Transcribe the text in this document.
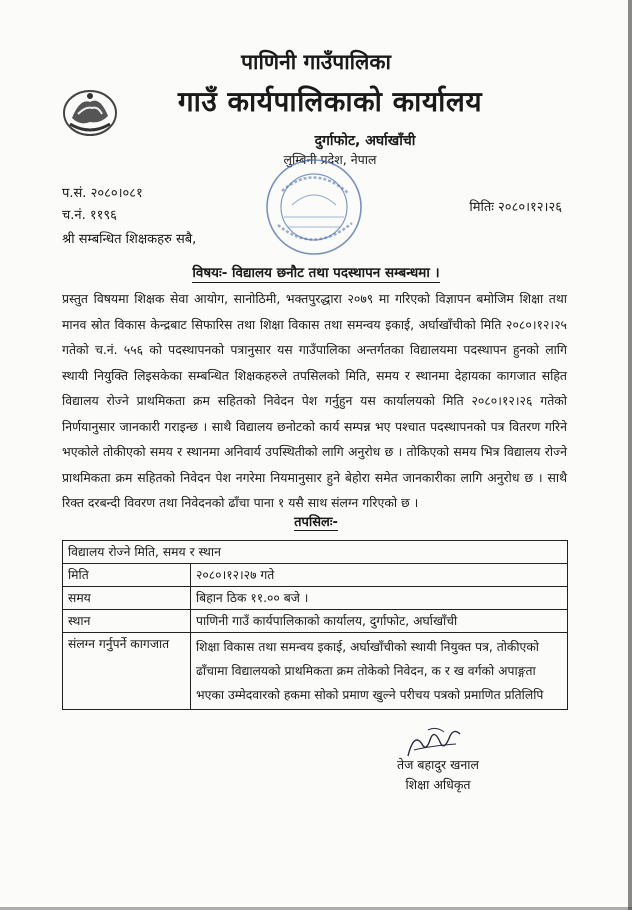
पाणिनी गाउँपालिका
गाउँ कार्यपालिकाको कार्यालय
दुर्गाफोट, अर्घाखाँची
लुम्बिनी प्रदेश, नेपाल
प.सं. २०८०।०८१
च.नं. ११९६
श्री सम्बन्धित शिक्षकहरु सबै,
मितिः २०८०।१२।२६
विषयः- विद्यालय छनौट तथा पदस्थापन सम्बन्धमा ।
प्रस्तुत विषयमा शिक्षक सेवा आयोग, सानोठिमी, भक्तपुरद्धारा २०७९ मा गरिएको विज्ञापन बमोजिम शिक्षा तथा मानव स्रोत विकास केन्द्रबाट सिफारिस तथा शिक्षा विकास तथा समन्वय इकाई, अर्घाखाँचीको मिति २०८०।१२।२५ गतेको च.नं. ५५६ को पदस्थापनको पत्रानुसार यस गाउँपालिका अन्तर्गतका विद्यालयमा पदस्थापन हुनको लागि स्थायी नियुक्ति लिइसकेका सम्बन्धित शिक्षकहरुले तपसिलको मिति, समय र स्थानमा देहायका कागजात सहित विद्यालय रोज्ने प्राथमिकता क्रम सहितको निवेदन पेश गर्नुहुन यस कार्यालयको मिति २०८०।१२।२६ गतेको निर्णयानुसार जानकारी गराइन्छ । साथै विद्यालय छनोटको कार्य सम्पन्न भए पश्चात पदस्थापनको पत्र वितरण गरिने भएकोले तोकीएको समय र स्थानमा अनिवार्य उपस्थितीको लागि अनुरोध छ । तोकिएको समय भित्र विद्यालय रोज्ने प्राथमिकता क्रम सहितको निवेदन पेश नगरेमा नियमानुसार हुने बेहोरा समेत जानकारीका लागि अनुरोध छ । साथै रिक्त दरबन्दी विवरण तथा निवेदनको ढाँचा पाना १ यसै साथ संलग्न गरिएको छ ।
तपसिलः-
विद्यालय रोज्ने मिति, समय र स्थान	
मिति	२०८०।१२।२७ गते
समय	बिहान ठिक ११.०० बजे ।
स्थान	पाणिनी गाउँ कार्यपालिकाको कार्यालय, दुर्गाफोट, अर्घाखाँची
संलग्न गर्नुपर्ने कागजात	शिक्षा विकास तथा समन्वय इकाई, अर्घाखाँचीको स्थायी नियुक्त पत्र, तोकीएको ढाँचामा विद्यालयको प्राथमिकता क्रम तोकेको निवेदन, क र ख वर्गको अपाङ्गता भएका उम्मेदवारको हकमा सोको प्रमाण खुल्ने परीचय पत्रको प्रमाणित प्रतिलिपि
तेज बहादुर खनाल
शिक्षा अधिकृत
